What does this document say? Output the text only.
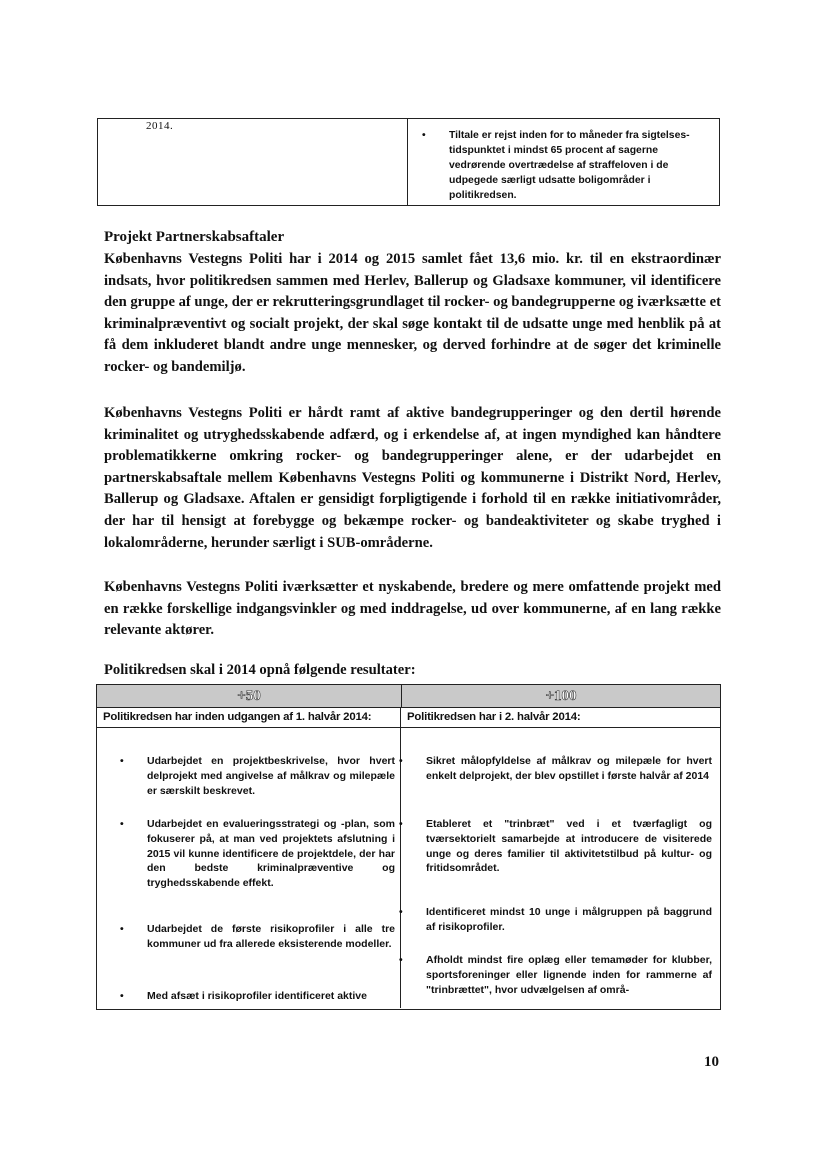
2014.
• Tiltale er rejst inden for to måneder fra sigtelses-tidspunktet i mindst 65 procent af sagerne vedrørende overtrædelse af straffeloven i de udpegede særligt udsatte boligområder i politikredsen.
Projekt Partnerskabsaftaler

Københavns Vestegns Politi har i 2014 og 2015 samlet fået 13,6 mio. kr. til en ekstraordinær indsats, hvor politikredsen sammen med Herlev, Ballerup og Gladsaxe kommuner, vil identificere den gruppe af unge, der er rekrutteringsgrundlaget til rocker- og bandegrupperne og iværksætte et kriminalpræventivt og socialt projekt, der skal søge kontakt til de udsatte unge med henblik på at få dem inkluderet blandt andre unge mennesker, og derved forhindre at de søger det kriminelle rocker- og bandemiljø.

Københavns Vestegns Politi er hårdt ramt af aktive bandegrupperinger og den dertil hørende kriminalitet og utryghedsskabende adfærd, og i erkendelse af, at ingen myndighed kan håndtere problematikkerne omkring rocker- og bandegrupperinger alene, er der udarbejdet en partnerskabsaftale mellem Københavns Vestegns Politi og kommunerne i Distrikt Nord, Herlev, Ballerup og Gladsaxe. Aftalen er gensidigt forpligtigende i forhold til en række initiativområder, der har til hensigt at forebygge og bekæmpe rocker- og bandeaktiviteter og skabe tryghed i lokalområderne, herunder særligt i SUB-områderne.

Københavns Vestegns Politi iværksætter et nyskabende, bredere og mere omfattende projekt med en række forskellige indgangsvinkler og med inddragelse, ud over kommunerne, af en lang række relevante aktører.

Politikredsen skal i 2014 opnå følgende resultater:

+50	+100
Politikredsen har inden udgangen af 1. halvår 2014:	Politikredsen har i 2. halvår 2014:
• Udarbejdet en projektbeskrivelse, hvor hvert delprojekt med angivelse af målkrav og milepæle er særskilt beskrevet.
• Udarbejdet en evalueringsstrategi og -plan, som fokuserer på, at man ved projektets afslutning i 2015 vil kunne identificere de projektdele, der har den bedste kriminalpræventive og tryghedsskabende effekt.
• Udarbejdet de første risikoprofiler i alle tre kommuner ud fra allerede eksisterende modeller.
• Med afsæt i risikoprofiler identificeret aktive
• Sikret målopfyldelse af målkrav og milepæle for hvert enkelt delprojekt, der blev opstillet i første halvår af 2014
• Etableret et "trinbræt" ved i et tværfagligt og tværsektorielt samarbejde at introducere de visiterede unge og deres familier til aktivitetstilbud på kultur- og fritidsområdet.
• Identificeret mindst 10 unge i målgruppen på baggrund af risikoprofiler.
• Afholdt mindst fire oplæg eller temamøder for klubber, sportsforeninger eller lignende inden for rammerne af "trinbrættet", hvor udvælgelsen af områ-
10
